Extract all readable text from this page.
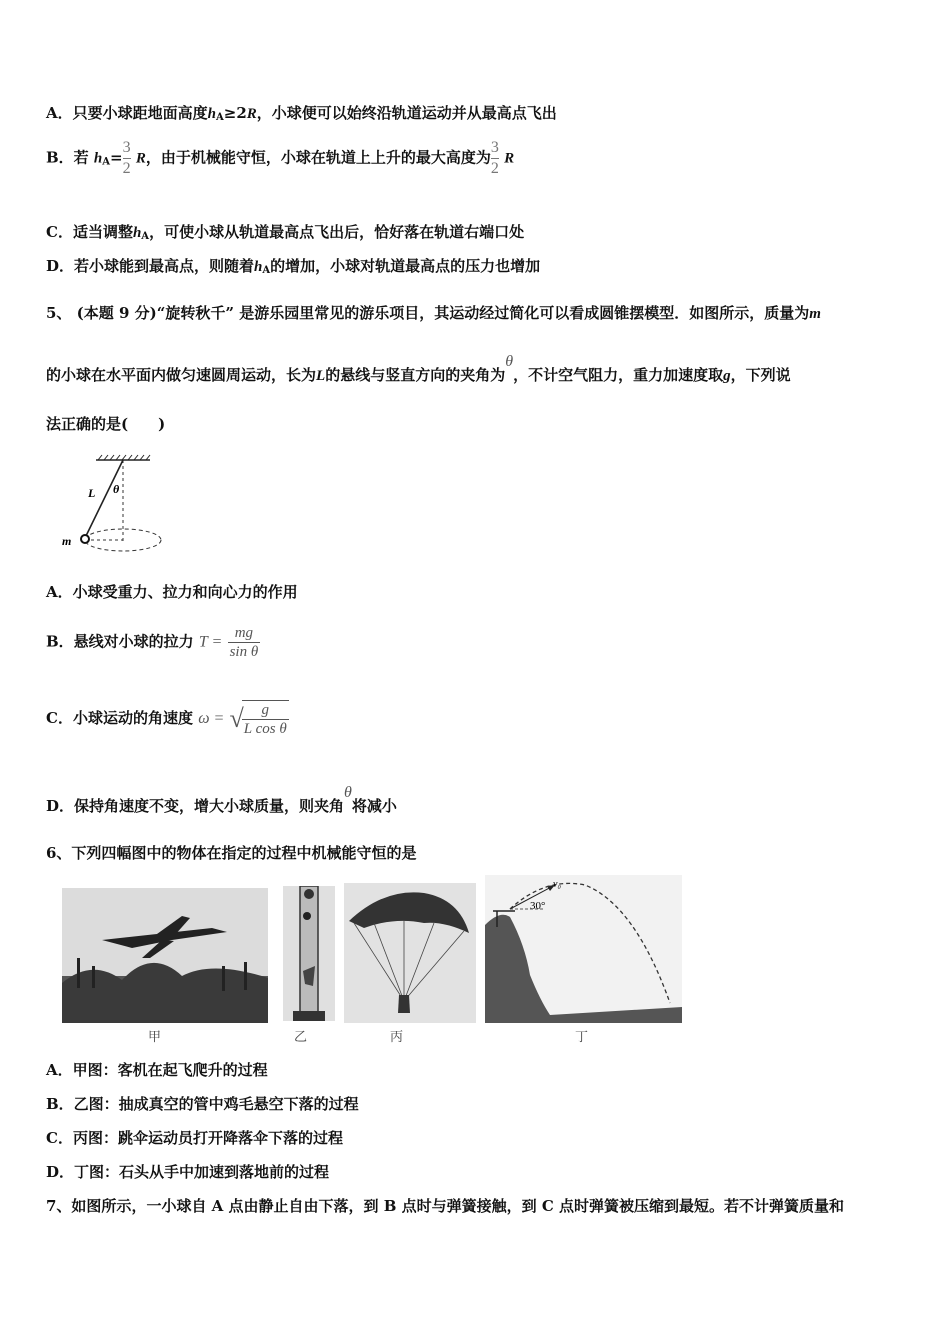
A．只要小球距地面高度$h_A\ge 2R$，小球便可以始终沿轨道运动并从最高点飞出
B．若 $h_A= \frac{3}{2}$ R，由于机械能守恒，小球在轨道上上升的最大高度为 $\frac{3}{2}$ R
C．适当调整$h_A$，可使小球从轨道最高点飞出后，恰好落在轨道右端口处
D．若小球能到最高点，则随着$h_A$的增加，小球对轨道最高点的压力也增加
5、 (本题 9 分)“旋转秋千” 是游乐园里常见的游乐项目，其运动经过简化可以看成圆锥摆模型．如图所示，质量为m
的小球在水平面内做匀速圆周运动，长为L的悬线与竖直方向的夹角为θ，不计空气阻力，重力加速度取g，下列说
法正确的是(　　)
L θ
m
A．小球受重力、拉力和向心力的作用
B．悬线对小球的拉力 $T = \frac{mg}{\text{sin θ}}$
C．小球运动的角速度 ω = √
$\frac{g}{\text{L cos θ}}$
D．保持角速度不变，增大小球质量，则夹角θ将减小
6、下列四幅图中的物体在指定的过程中机械能守恒的是
甲	乙	丙
30°
v₀
丁
A．甲图：客机在起飞爬升的过程
B．乙图：抽成真空的管中鸡毛悬空下落的过程
C．丙图：跳伞运动员打开降落伞下落的过程
D．丁图：石头从手中加速到落地前的过程
7、如图所示，一小球自 A 点由静止自由下落，到 B 点时与弹簧接触，到 C 点时弹簧被压缩到最短。若不计弹簧质量和
